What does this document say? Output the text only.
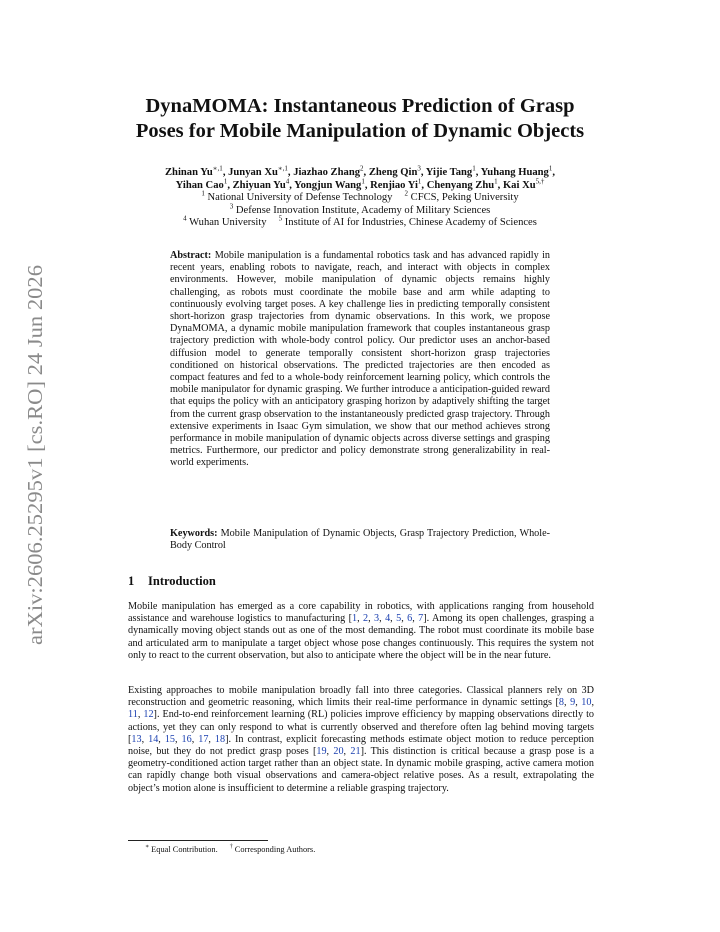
arXiv:2606.25295v1 [cs.RO] 24 Jun 2026
DynaMOMA: Instantaneous Prediction of Grasp
Poses for Mobile Manipulation of Dynamic Objects
Zhinan $Yu^{∗,1}$, Junyan $Xu^{∗,1}$, Jiazhao Zhang$^2$, Zheng Qin$^3$, Yijie Tang$^1$, Yuhang Huang$^1$,
Yihan Cao$^1$, Zhiyuan Yu$^4$, Yongjun Wang$^1$, Renjiao Yi$^1$, Chenyang Zhu$^1$, Kai $Xu^{5,\dagger}$
$^1$ National University of Defense Technology $^2$ CFCS, Peking University
$^3$ Defense Innovation Institute, Academy of Military Sciences
$^4$ Wuhan University $^5$ Institute of AI for Industries, Chinese Academy of Sciences
Abstract: Mobile manipulation is a fundamental robotics task and has advanced rapidly in recent years, enabling robots to navigate, reach, and interact with objects in complex environments. However, mobile manipulation of dynamic objects remains highly challenging, as robots must coordinate the mobile base and arm while adapting to continuously evolving target poses. A key challenge lies in predicting temporally consistent short-horizon grasp trajectories from dynamic observations. In this work, we propose DynaMOMA, a dynamic mobile manipulation framework that couples instantaneous grasp trajectory prediction with whole-body control policy. Our predictor uses an anchor-based diffusion model to generate temporally consistent short-horizon grasp trajectories conditioned on historical observations. The predicted trajectories are then encoded as compact features and fed to a whole-body reinforcement learning policy, which controls the mobile manipulator for dynamic grasping. We further introduce a anticipation-guided reward that equips the policy with an anticipatory grasping horizon by adaptively shifting the target from the current grasp observation to the instantaneously predicted grasp trajectory. Through extensive experiments in Isaac Gym simulation, we show that our method achieves strong performance in mobile manipulation of dynamic objects across diverse settings and grasping metrics. Furthermore, our predictor and policy demonstrate strong generalizability in real-world experiments.
Keywords: Mobile Manipulation of Dynamic Objects, Grasp Trajectory Prediction, Whole-Body Control
1 Introduction
Mobile manipulation has emerged as a core capability in robotics, with applications ranging from household assistance and warehouse logistics to manufacturing [1, 2, 3, 4, 5, 6, 7]. Among its open challenges, grasping a dynamically moving object stands out as one of the most demanding. The robot must coordinate its mobile base and articulated arm to manipulate a target object whose pose changes continuously. This requires the system not only to react to the current observation, but also to anticipate where the object will be in the near future.
Existing approaches to mobile manipulation broadly fall into three categories. Classical planners rely on 3D reconstruction and geometric reasoning, which limits their real-time performance in dynamic settings [8, 9, 10, 11, 12]. End-to-end reinforcement learning (RL) policies improve efficiency by mapping observations directly to actions, yet they can only respond to what is currently observed and therefore often lag behind moving targets [13, 14, 15, 16, 17, 18]. In contrast, explicit forecasting methods estimate object motion to reduce perception noise, but they do not predict grasp poses [19, 20, 21]. This distinction is critical because a grasp pose is a geometry-conditioned action target rather than an object state. In dynamic mobile grasping, active camera motion can rapidly change both visual observations and camera-object relative poses. As a result, extrapolating the object’s motion alone is insufficient to determine a reliable grasping trajectory.
∗ Equal Contribution. † Corresponding Authors.
